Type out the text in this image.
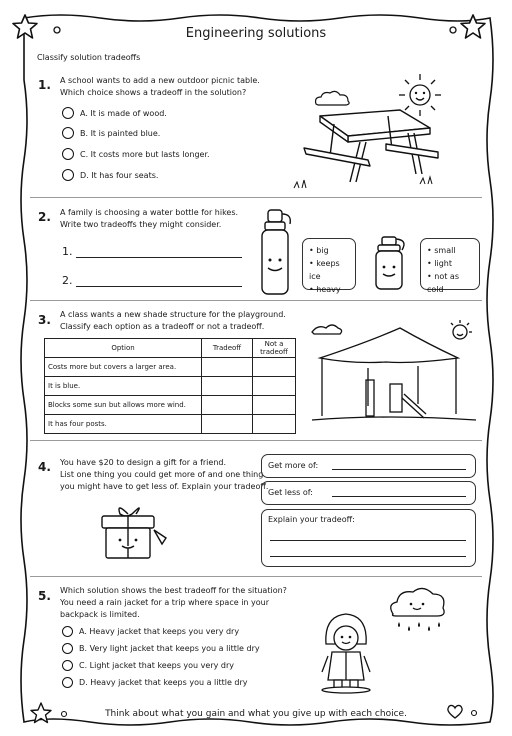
Engineering solutions
Classify solution tradeoffs
1. A school wants to add a new outdoor picnic table.
Which choice shows a tradeoff in the solution?
A. It is made of wood.
B. It is painted blue.
C. It costs more but lasts longer.
D. It has four seats.
2. A family is choosing a water bottle for hikes.
Write two tradeoffs they might consider.
1.
2.
• big
• keeps ice
• heavy
• small
• light
• not as cold
3. A class wants a new shade structure for the playground.
Classify each option as a tradeoff or not a tradeoff.
Option	Tradeoff	Not a tradeoff
Costs more but covers a larger area.		
It is blue.		
Blocks some sun but allows more wind.		
It has four posts.		
4. You have $20 to design a gift for a friend.
List one thing you could get more of and one thing
you might have to get less of. Explain your tradeoff.
Get more of:
Get less of:
Explain your tradeoff:
5. Which solution shows the best tradeoff for the situation?
You need a rain jacket for a trip where space in your
backpack is limited.
A. Heavy jacket that keeps you very dry
B. Very light jacket that keeps you a little dry
C. Light jacket that keeps you very dry
D. Heavy jacket that keeps you a little dry
Think about what you gain and what you give up with each choice.
